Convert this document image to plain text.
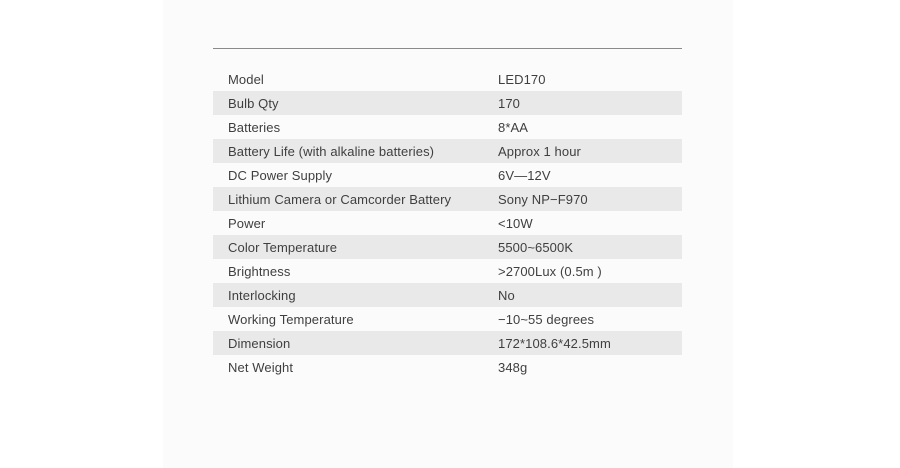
Model	LED170
Bulb Qty	170
Batteries	8*AA
Battery Life (with alkaline batteries)	Approx 1 hour
DC Power Supply	6V—12V
Lithium Camera or Camcorder Battery	Sony NP−F970
Power	<10W
Color Temperature	5500~6500K
Brightness	>2700Lux (0.5m )
Interlocking	No
Working Temperature	−10~55 degrees
Dimension	172*108.6*42.5mm
Net Weight	348g
